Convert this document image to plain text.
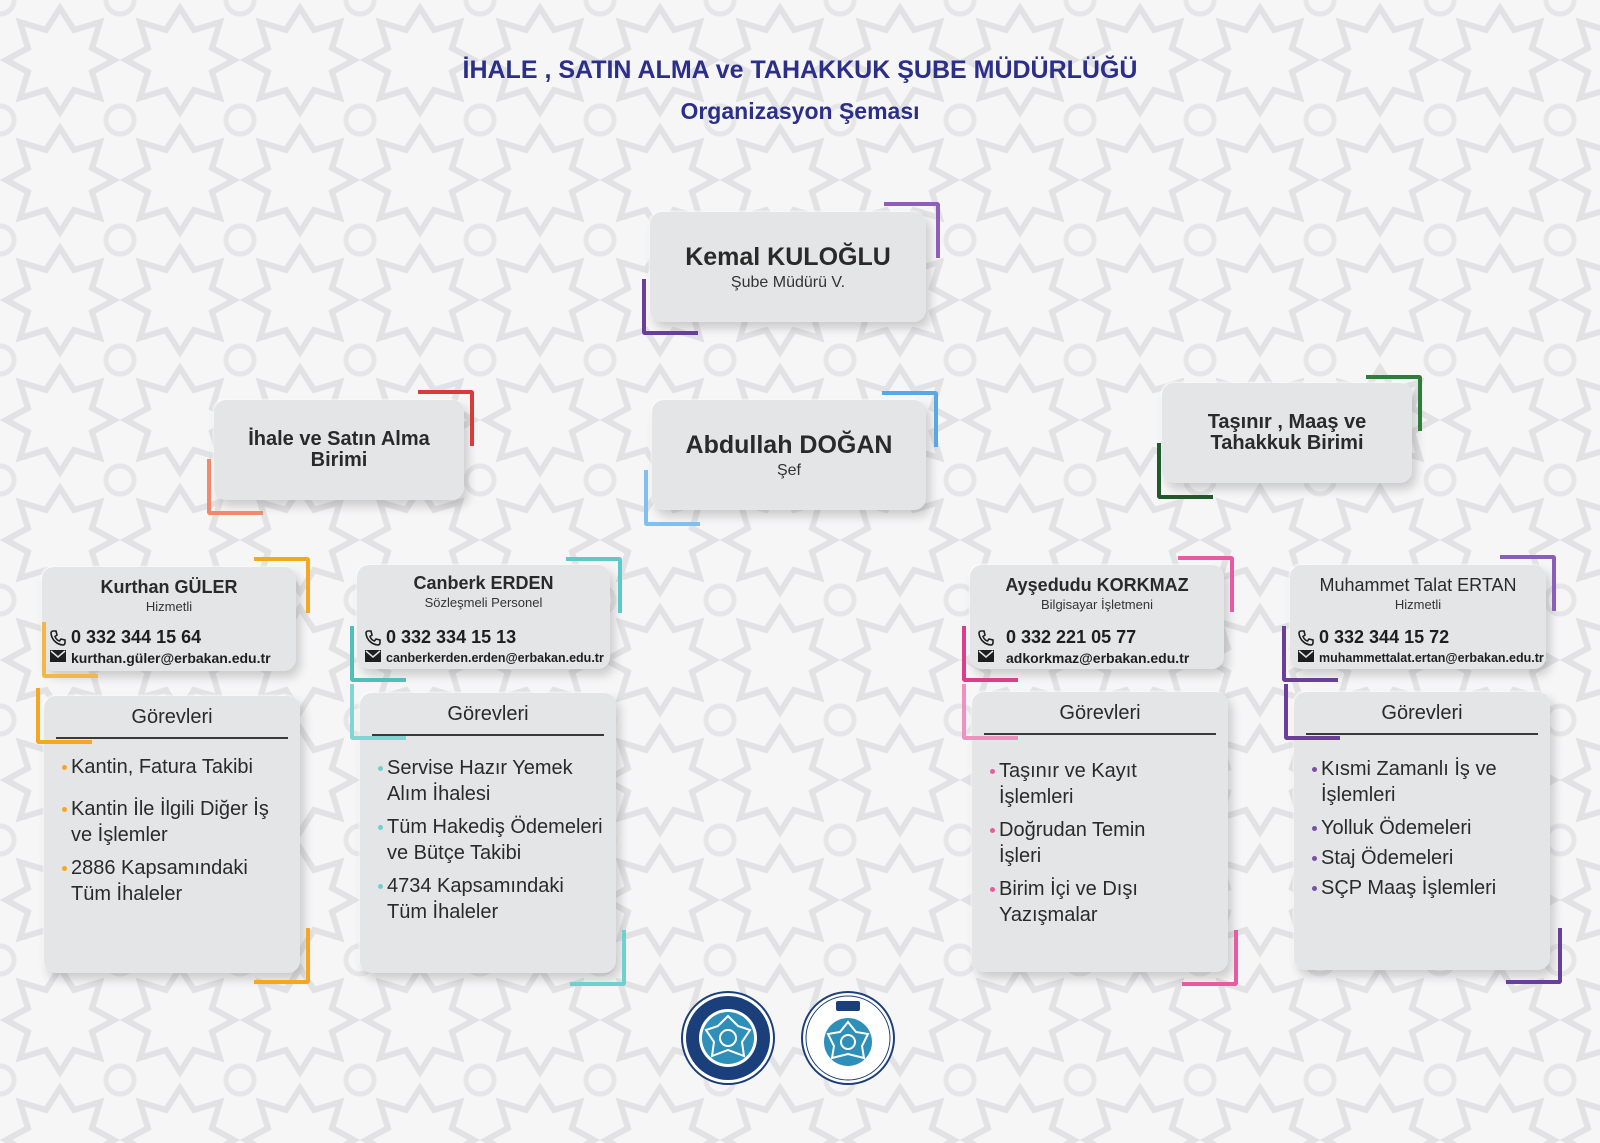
İHALE , SATIN ALMA ve TAHAKKUK ŞUBE MÜDÜRLÜĞÜ
Organizasyon Şeması
Kemal KULOĞLU
Şube Müdürü V.
Abdullah DOĞAN
Şef
İhale ve Satın Alma Birimi
Taşınır , Maaş ve Tahakkuk Birimi
Kurthan GÜLER
Hizmetli
0 332 344 15 64
kurthan.güler@erbakan.edu.tr
Görevleri
Kantin, Fatura Takibi
Kantin İle İlgili Diğer İş ve İşlemler
2886 Kapsamındaki Tüm İhaleler
Canberk ERDEN
Sözleşmeli Personel
0 332 334 15 13
canberkerden.erden@erbakan.edu.tr
Görevleri
Servise Hazır Yemek Alım İhalesi
Tüm Hakediş Ödemeleri ve Bütçe Takibi
4734 Kapsamındaki Tüm İhaleler
Ayşedudu KORKMAZ
Bilgisayar İşletmeni
0 332 221 05 77
adkorkmaz@erbakan.edu.tr
Görevleri
Taşınır ve Kayıt İşlemleri
Doğrudan Temin İşleri
Birim İçi ve Dışı Yazışmalar
Muhammet Talat ERTAN
Hizmetli
0 332 344 15 72
muhammettalat.ertan@erbakan.edu.tr
Görevleri
Kısmi Zamanlı İş ve İşlemleri
Yolluk Ödemeleri
Staj Ödemeleri
SÇP Maaş İşlemleri
